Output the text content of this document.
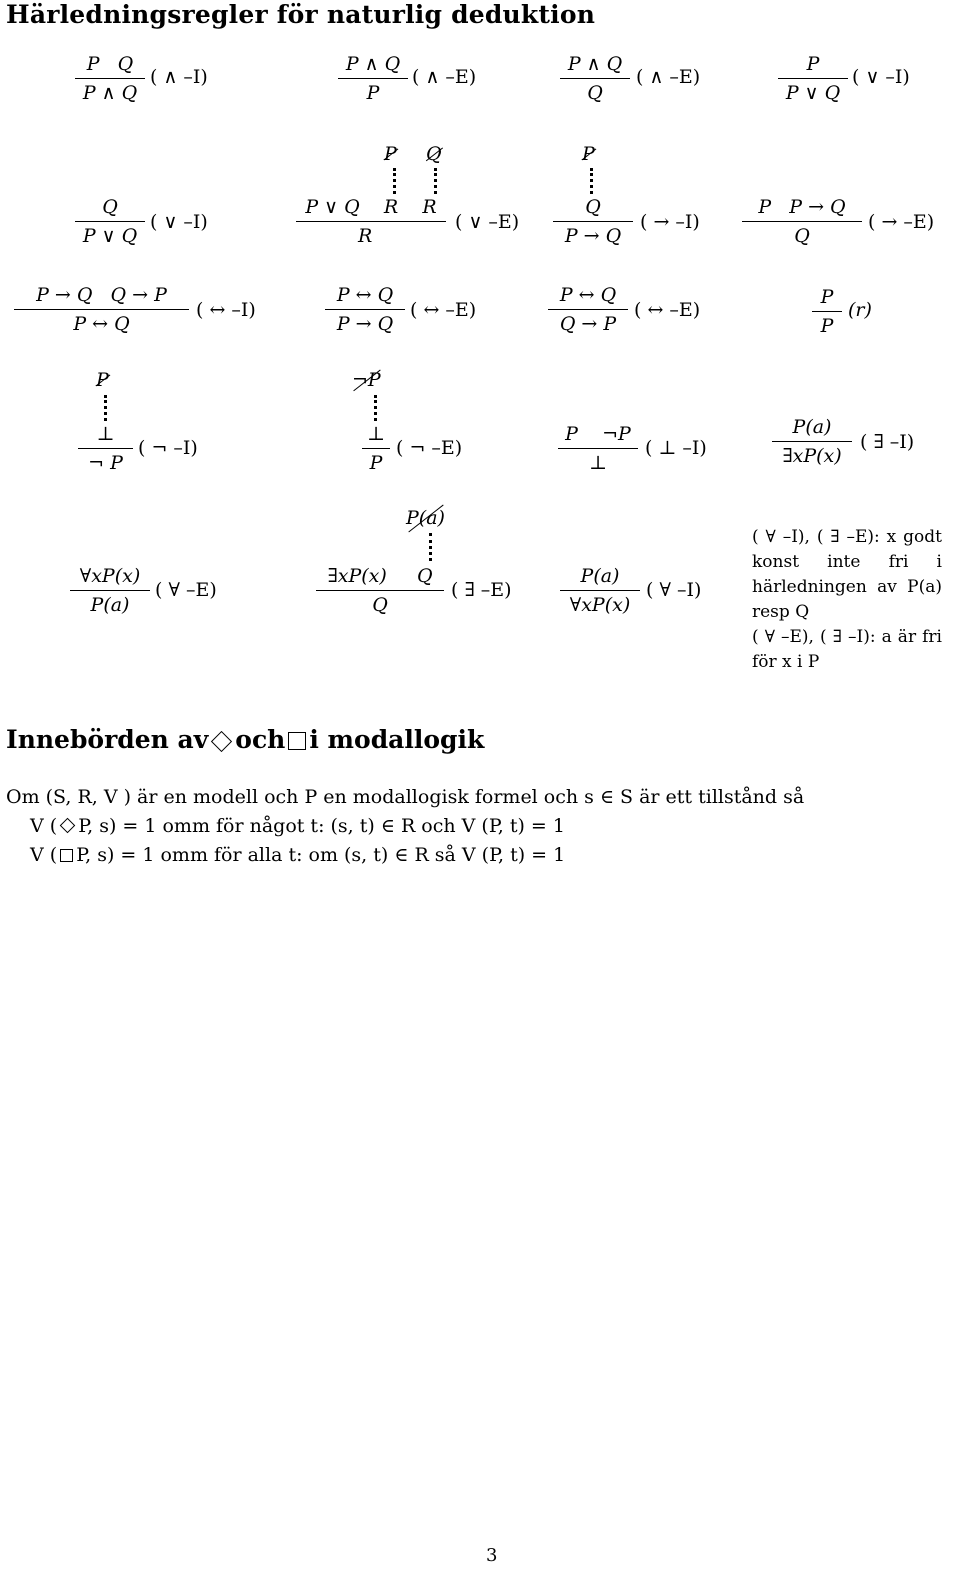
Härledningsregler för naturlig deduktion
P   Q
P ∧ Q
( ∧ –I)
P ∧ Q
P
( ∧ –E)
P ∧ Q
Q
( ∧ –E)
P
P ∨ Q
( ∨ –I)
Q
P ∨ Q
( ∨ –I)
P Q
P ∨ Q    R    R
R
( ∨ –E)
P
Q
P → Q
( → –I)
P   P → Q
Q
( → –E)
P → Q   Q → P
P ↔ Q
( ↔ –I)
P ↔ Q
P → Q
( ↔ –E)
P ↔ Q
Q → P
( ↔ –E)
P
P
(r)
P
⊥
¬ P
( ¬ –I)
¬P
⊥
P
( ¬ –E)
P    ¬P
⊥
( ⊥ –I)
P(a)
∃xP(x)
( ∃ –I)
∀xP(x)
P(a)
( ∀ –E)
P(a)
∃xP(x)     Q
Q
( ∃ –E)
P(a)
∀xP(x)
( ∀ –I)
( ∀ –I), ( ∃ –E): x godt konst inte fri i härledningen av P(a) resp Q
( ∀ –E), ( ∃ –I): a är fri för x i P
Innebörden av och i modallogik

Om (S, R, V ) är en modell och P en modallogisk formel och s ∈ S är ett tillstånd så

V ( P, s) = 1 omm för något t: (s, t) ∈ R och V (P, t) = 1

V ( P, s) = 1 omm för alla t: om (s, t) ∈ R så V (P, t) = 1

3
